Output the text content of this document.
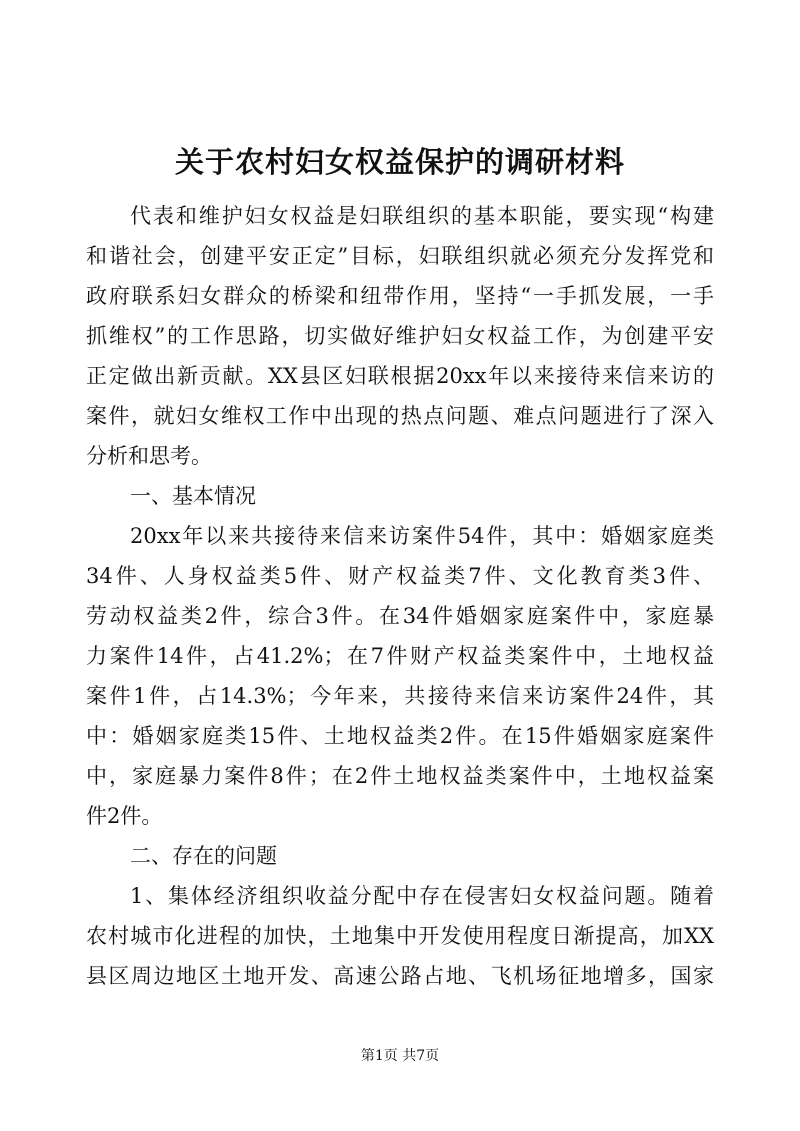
关于农村妇女权益保护的调研材料
代表和维护妇女权益是妇联组织的基本职能，要实现“构建
和谐社会，创建平安正定”目标，妇联组织就必须充分发挥党和
政府联系妇女群众的桥梁和纽带作用，坚持“一手抓发展，一手
抓维权”的工作思路，切实做好维护妇女权益工作，为创建平安
正定做出新贡献。XX县区妇联根据20xx年以来接待来信来访的
案件，就妇女维权工作中出现的热点问题、难点问题进行了深入
分析和思考。
一、基本情况
20xx年以来共接待来信来访案件54件，其中：婚姻家庭类
34件、人身权益类5件、财产权益类7件、文化教育类3件、
劳动权益类2件，综合3件。在34件婚姻家庭案件中，家庭暴
力案件14件，占41.2%；在7件财产权益类案件中，土地权益
案件1件，占14.3%；今年来，共接待来信来访案件24件，其
中：婚姻家庭类15件、土地权益类2件。在15件婚姻家庭案件
中，家庭暴力案件8件；在2件土地权益类案件中，土地权益案
件2件。
二、存在的问题
1、集体经济组织收益分配中存在侵害妇女权益问题。随着
农村城市化进程的加快，土地集中开发使用程度日渐提高，加XX
县区周边地区土地开发、高速公路占地、飞机场征地增多，国家
第1页 共7页
